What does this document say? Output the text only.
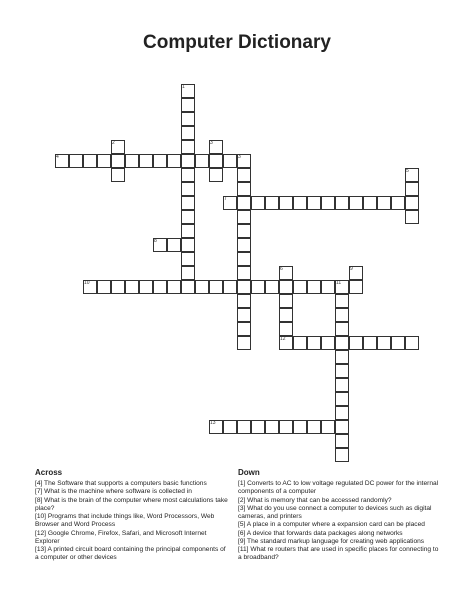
Computer Dictionary
1
2	3
3
4
5
6
7
8
9
10	11
12
13
Across

[4] The Software that supports a computers basic functions

[7] What is the machine where software is collected in

[8] What is the brain of the computer where most calculations take place?

[10] Programs that include things like, Word Processors, Web Browser and Word Process

[12] Google Chrome, Firefox, Safari, and Microsoft Internet Explorer

[13] A printed circuit board containing the principal components of a computer or other devices

Down

[1] Converts to AC to low voltage regulated DC power for the internal components of a computer

[2] What is memory that can be accessed randomly?

[3] What do you use connect a computer to devices such as digital cameras, and printers

[5] A place in a computer where a expansion card can be placed

[6] A device that forwards data packages along networks

[9] The standard markup language for creating web applications

[11] What re routers that are used in specific places for connecting to a broadband?
